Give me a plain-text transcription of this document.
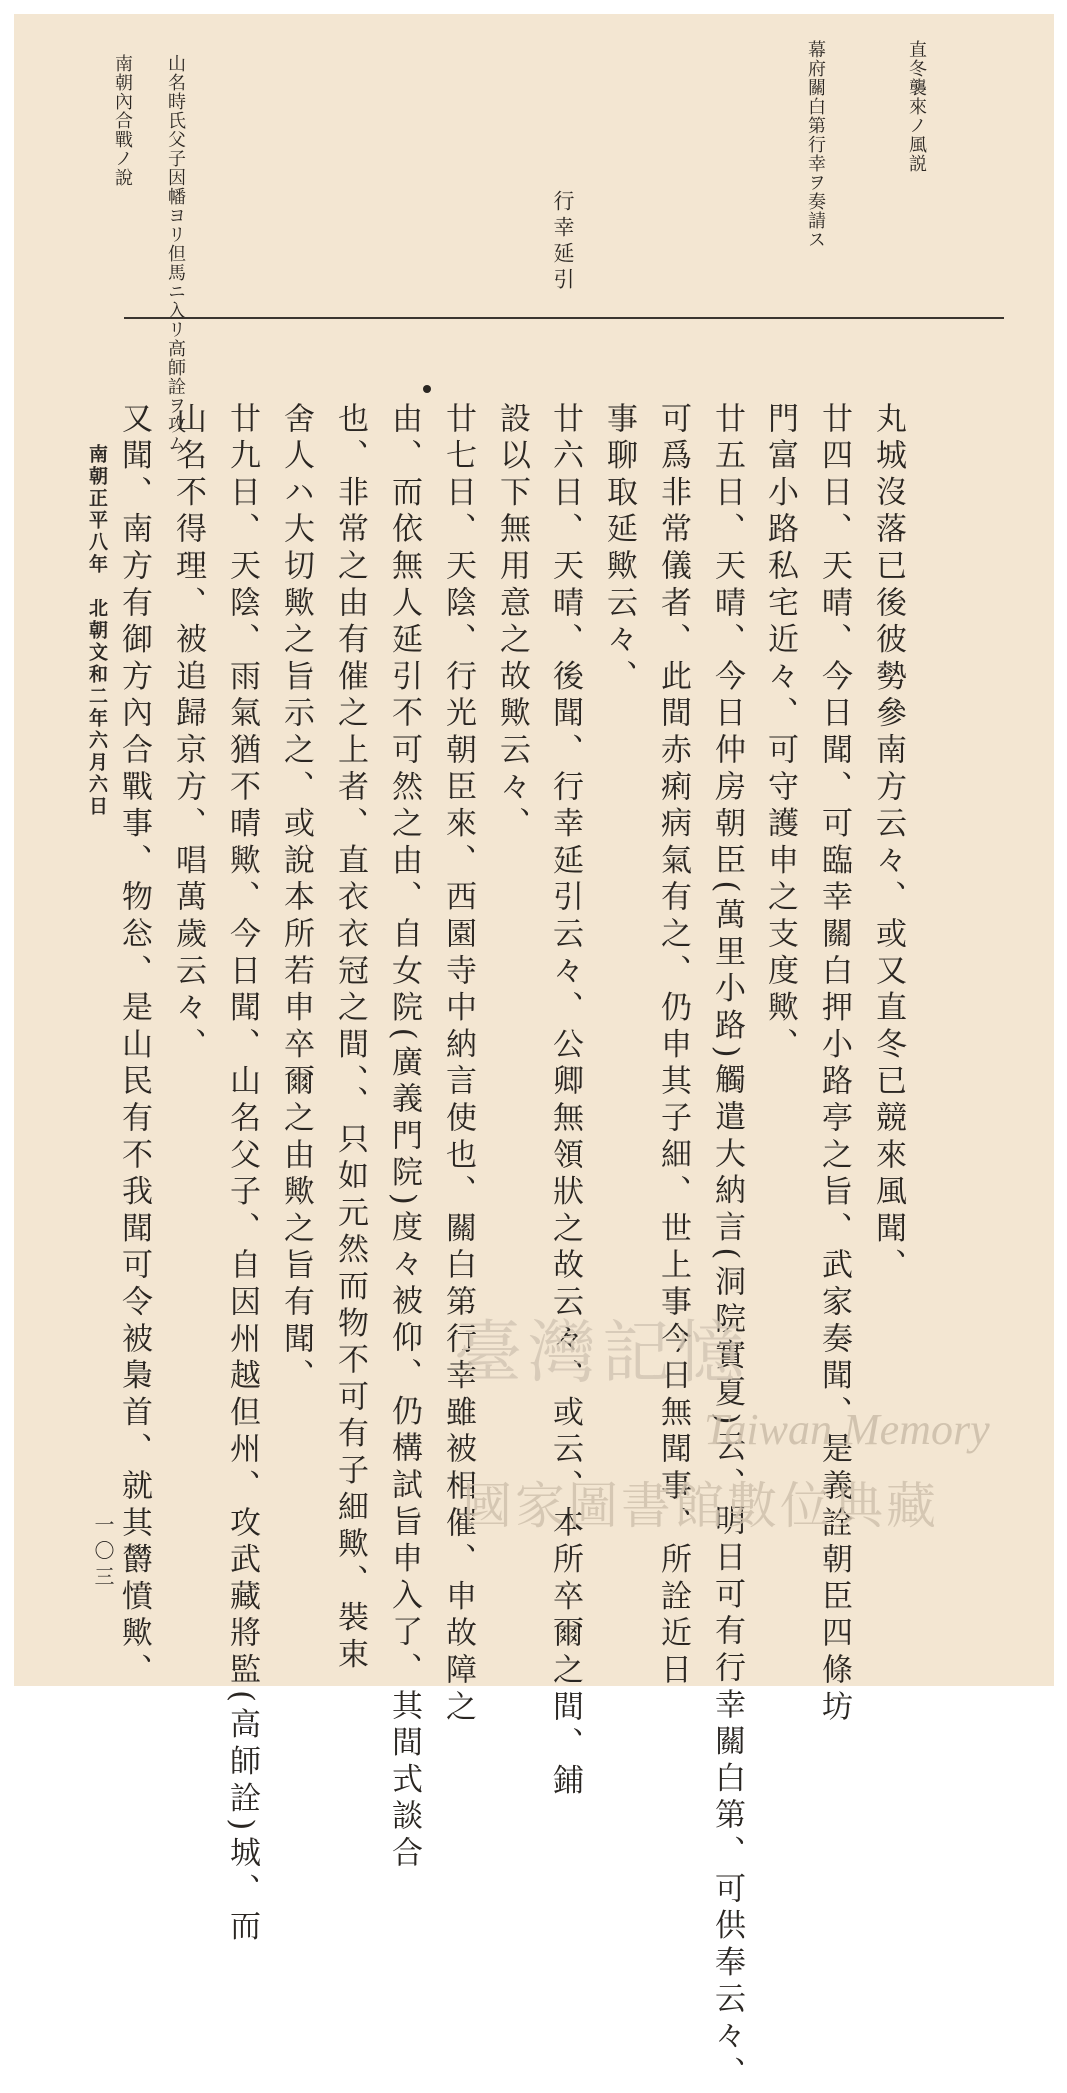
直冬襲來ノ風説
幕府關白第行幸ヲ奏請ス
行幸延引
山名時氏父子因幡ヨリ但馬ニ入リ高師詮ヲ攻ム
南朝內合戰ノ說
丸城沒落已後彼勢參南方云々、或又直冬已競來風聞、
廿四日、天晴、今日聞、可臨幸關白押小路亭之旨、武家奏聞、是義詮朝臣四條坊
門富小路私宅近々、可守護申之支度歟、
廿五日、天晴、今日仲房朝臣(萬里小路)觸遣大納言(洞院實夏)云、明日可有行幸關白第、可供奉云々、
可爲非常儀者、此間赤痢病氣有之、仍申其子細、世上事今日無聞事、所詮近日
事聊取延歟云々、
廿六日、天晴、後聞、行幸延引云々、公卿無領狀之故云々、或云、本所卒爾之間、鋪
設以下無用意之故歟云々、
廿七日、天陰、行光朝臣來、西園寺中納言使也、關白第行幸雖被相催、申故障之
由、而依無人延引不可然之由、自女院(廣義門院)度々被仰、仍構試旨申入了、其間式談合
也、非常之由有催之上者、直衣衣冠之間、、只如元然而物不可有子細歟、裝束
舍人ハ大切歟之旨示之、或說本所若申卒爾之由歟之旨有聞、
廿九日、天陰、雨氣猶不晴歟、今日聞、山名父子、自因州越但州、攻武藏將監(高師詮)城、而
山名不得理、被追歸京方、唱萬歲云々、
又聞、南方有御方內合戰事、物忩、是山民有不我聞可令被梟首、就其欝憤歟、
南朝正平八年　北朝文和二年六月六日
一〇三
臺灣記憶
Taiwan Memory
國家圖書館數位典藏
